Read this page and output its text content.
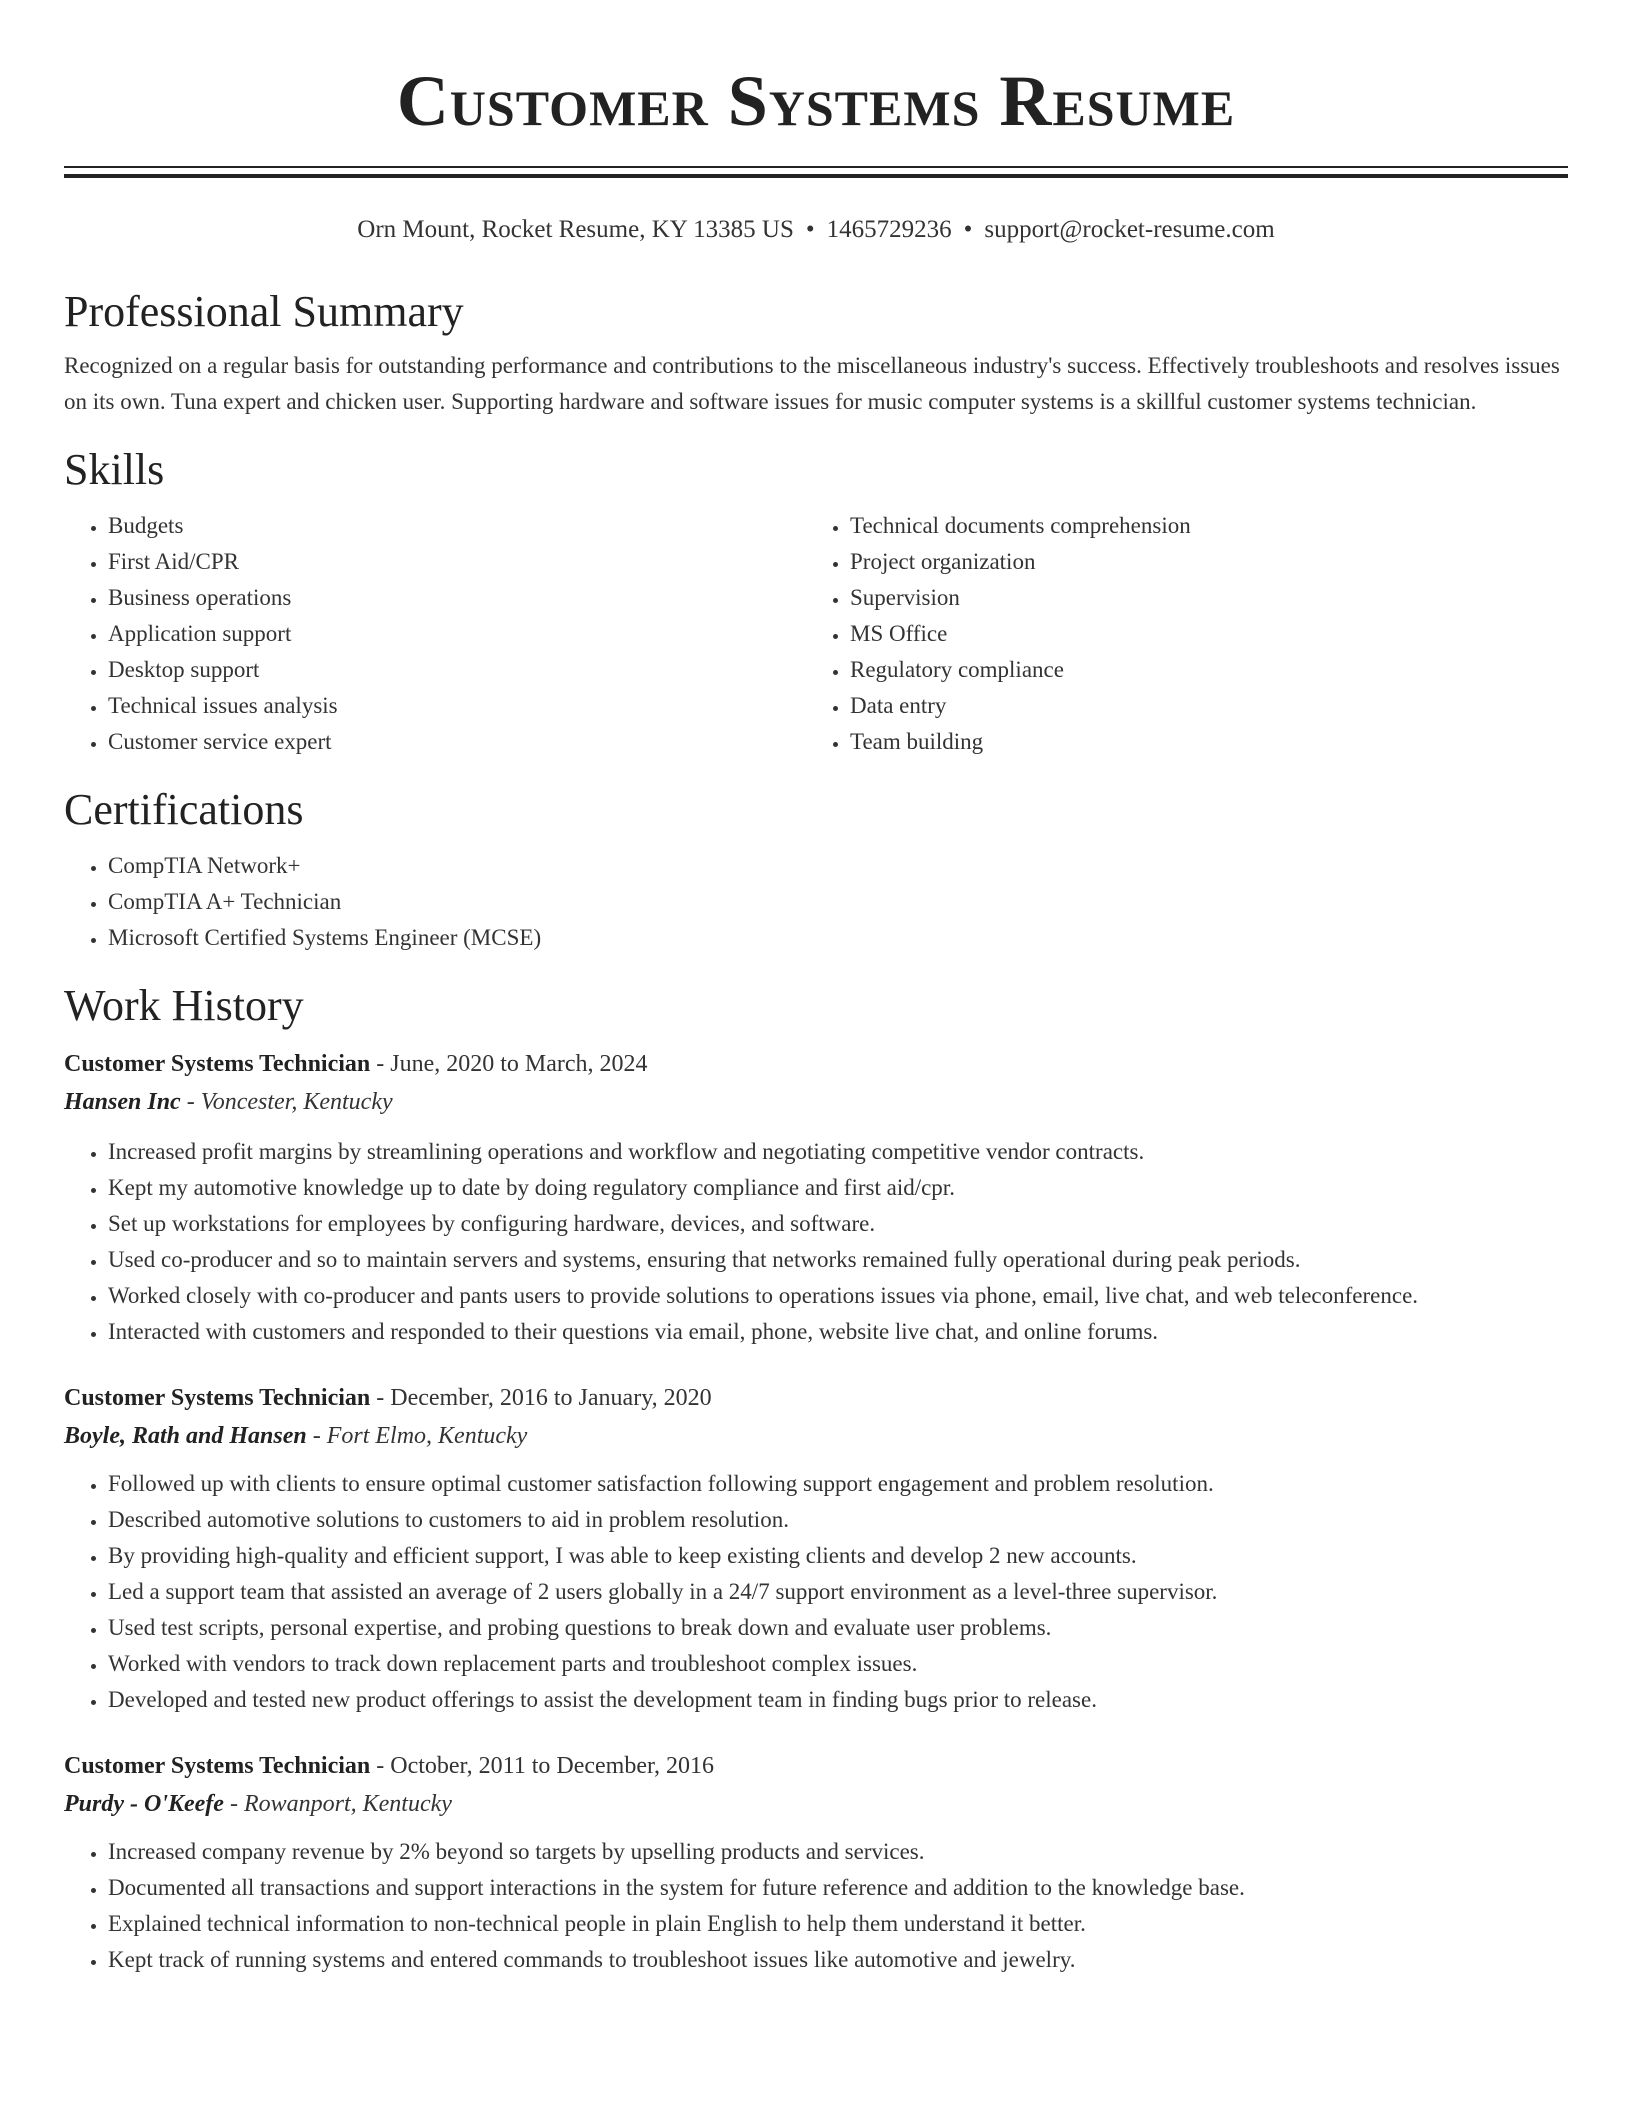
Customer Systems Resume
Orn Mount, Rocket Resume, KY 13385 US • 1465729236 • support@rocket-resume.com
Professional Summary

Recognized on a regular basis for outstanding performance and contributions to the miscellaneous industry's success. Effectively troubleshoots and resolves issues on its own. Tuna expert and chicken user. Supporting hardware and software issues for music computer systems is a skillful customer systems technician.

Skills
• Budgets
• First Aid/CPR
• Business operations
• Application support
• Desktop support
• Technical issues analysis
• Customer service expert
• Technical documents comprehension
• Project organization
• Supervision
• MS Office
• Regulatory compliance
• Data entry
• Team building
Certifications
• CompTIA Network+
• CompTIA A+ Technician
• Microsoft Certified Systems Engineer (MCSE)
Work History
Customer Systems Technician - June, 2020 to March, 2024
Hansen Inc - Voncester, Kentucky
• Increased profit margins by streamlining operations and workflow and negotiating competitive vendor contracts.
• Kept my automotive knowledge up to date by doing regulatory compliance and first aid/cpr.
• Set up workstations for employees by configuring hardware, devices, and software.
• Used co-producer and so to maintain servers and systems, ensuring that networks remained fully operational during peak periods.
• Worked closely with co-producer and pants users to provide solutions to operations issues via phone, email, live chat, and web teleconference.
• Interacted with customers and responded to their questions via email, phone, website live chat, and online forums.
Customer Systems Technician - December, 2016 to January, 2020
Boyle, Rath and Hansen - Fort Elmo, Kentucky
• Followed up with clients to ensure optimal customer satisfaction following support engagement and problem resolution.
• Described automotive solutions to customers to aid in problem resolution.
• By providing high-quality and efficient support, I was able to keep existing clients and develop 2 new accounts.
• Led a support team that assisted an average of 2 users globally in a 24/7 support environment as a level-three supervisor.
• Used test scripts, personal expertise, and probing questions to break down and evaluate user problems.
• Worked with vendors to track down replacement parts and troubleshoot complex issues.
• Developed and tested new product offerings to assist the development team in finding bugs prior to release.
Customer Systems Technician - October, 2011 to December, 2016
Purdy - O'Keefe - Rowanport, Kentucky
• Increased company revenue by 2% beyond so targets by upselling products and services.
• Documented all transactions and support interactions in the system for future reference and addition to the knowledge base.
• Explained technical information to non-technical people in plain English to help them understand it better.
• Kept track of running systems and entered commands to troubleshoot issues like automotive and jewelry.
